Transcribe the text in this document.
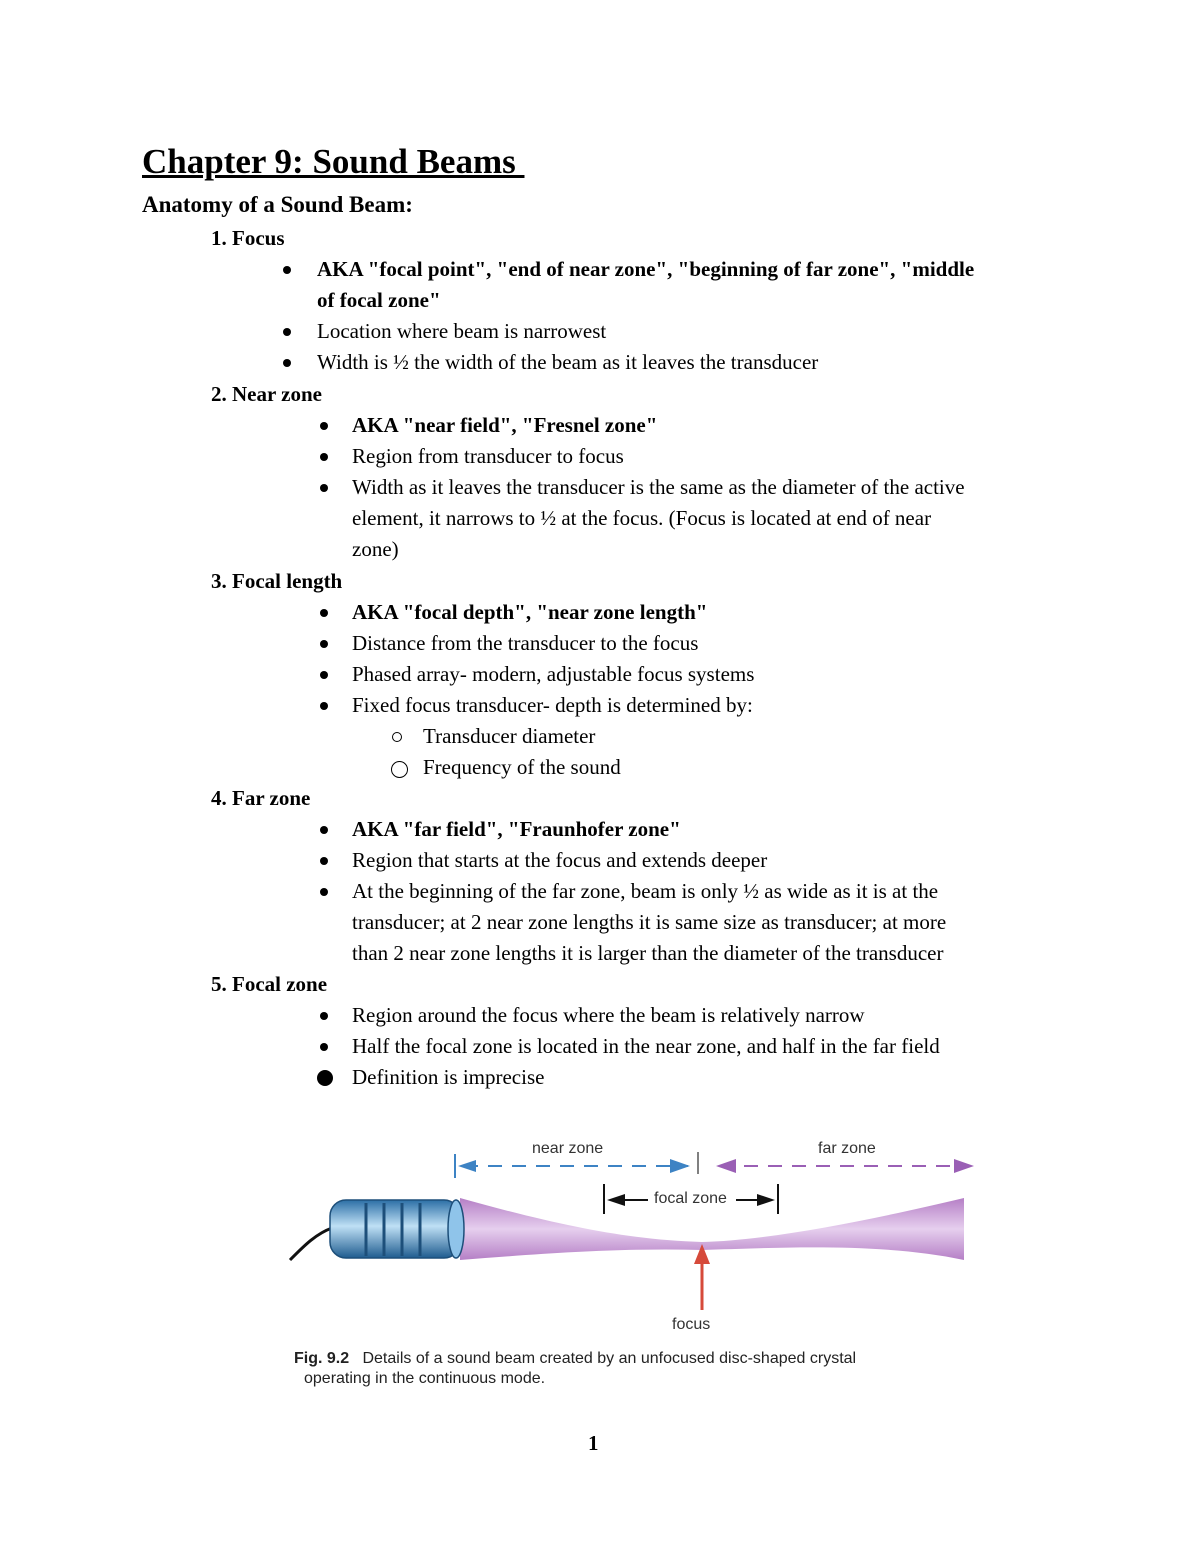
Chapter 9: Sound Beams
Anatomy of a Sound Beam:
1. Focus
AKA "focal point", "end of near zone", "beginning of far zone", "middle
of focal zone"
Location where beam is narrowest
Width is ½ the width of the beam as it leaves the transducer
2. Near zone
AKA "near field", "Fresnel zone"
Region from transducer to focus
Width as it leaves the transducer is the same as the diameter of the active
element, it narrows to ½ at the focus. (Focus is located at end of near
zone)
3. Focal length
AKA "focal depth", "near zone length"
Distance from the transducer to the focus
Phased array- modern, adjustable focus systems
Fixed focus transducer- depth is determined by:
Transducer diameter
Frequency of the sound
4. Far zone
AKA "far field", "Fraunhofer zone"
Region that starts at the focus and extends deeper
At the beginning of the far zone, beam is only ½ as wide as it is at the
transducer; at 2 near zone lengths it is same size as transducer; at more
than 2 near zone lengths it is larger than the diameter of the transducer
5. Focal zone
Region around the focus where the beam is relatively narrow
Half the focal zone is located in the near zone, and half in the far field
Definition is imprecise
near zone	far zone
focal zone
focus
Fig. 9.2 Details of a sound beam created by an unfocused disc-shaped crystal
operating in the continuous mode.
1
